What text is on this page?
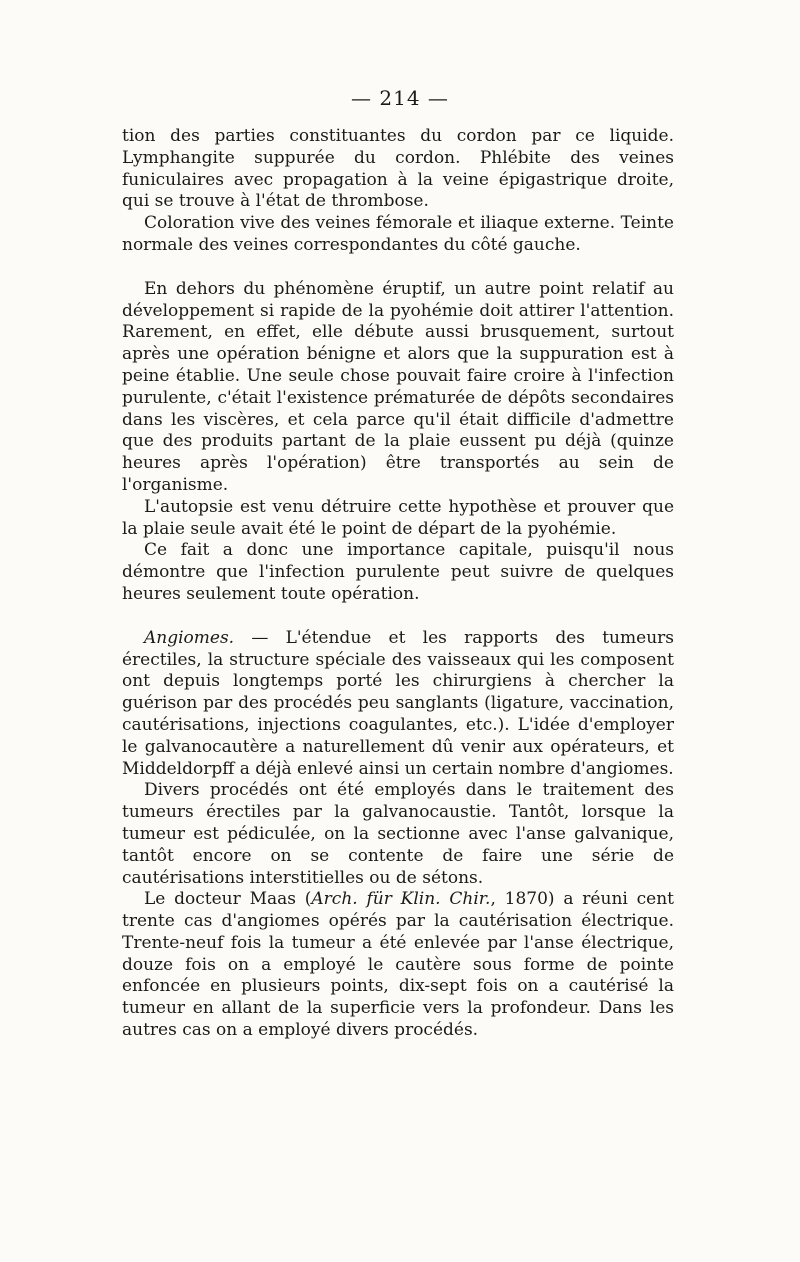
— 214 —

tion des parties constituantes du cordon par ce liquide. Lymphangite suppurée du cordon. Phlébite des veines funiculaires avec propagation à la veine épigastrique droite, qui se trouve à l'état de thrombose.

Coloration vive des veines fémorale et iliaque externe. Teinte normale des veines correspondantes du côté gauche.

En dehors du phénomène éruptif, un autre point relatif au développement si rapide de la pyohémie doit attirer l'attention. Rarement, en effet, elle débute aussi brusquement, surtout après une opération bénigne et alors que la suppuration est à peine établie. Une seule chose pouvait faire croire à l'infection purulente, c'était l'existence prématurée de dépôts secondaires dans les viscères, et cela parce qu'il était difficile d'admettre que des produits partant de la plaie eussent pu déjà (quinze heures après l'opération) être transportés au sein de l'organisme.

L'autopsie est venu détruire cette hypothèse et prouver que la plaie seule avait été le point de départ de la pyohémie.

Ce fait a donc une importance capitale, puisqu'il nous démontre que l'infection purulente peut suivre de quelques heures seulement toute opération.

Angiomes. — L'étendue et les rapports des tumeurs érectiles, la structure spéciale des vaisseaux qui les composent ont depuis longtemps porté les chirurgiens à chercher la guérison par des procédés peu sanglants (ligature, vaccination, cautérisations, injections coagulantes, etc.). L'idée d'employer le galvanocautère a naturellement dû venir aux opérateurs, et Middeldorpff a déjà enlevé ainsi un certain nombre d'angiomes.

Divers procédés ont été employés dans le traitement des tumeurs érectiles par la galvanocaustie. Tantôt, lorsque la tumeur est pédiculée, on la sectionne avec l'anse galvanique, tantôt encore on se contente de faire une série de cautérisations interstitielles ou de sétons.

Le docteur Maas (Arch. für Klin. Chir., 1870) a réuni cent trente cas d'angiomes opérés par la cautérisation électrique. Trente-neuf fois la tumeur a été enlevée par l'anse électrique, douze fois on a employé le cautère sous forme de pointe enfoncée en plusieurs points, dix-sept fois on a cautérisé la tumeur en allant de la superficie vers la profondeur. Dans les autres cas on a employé divers procédés.
